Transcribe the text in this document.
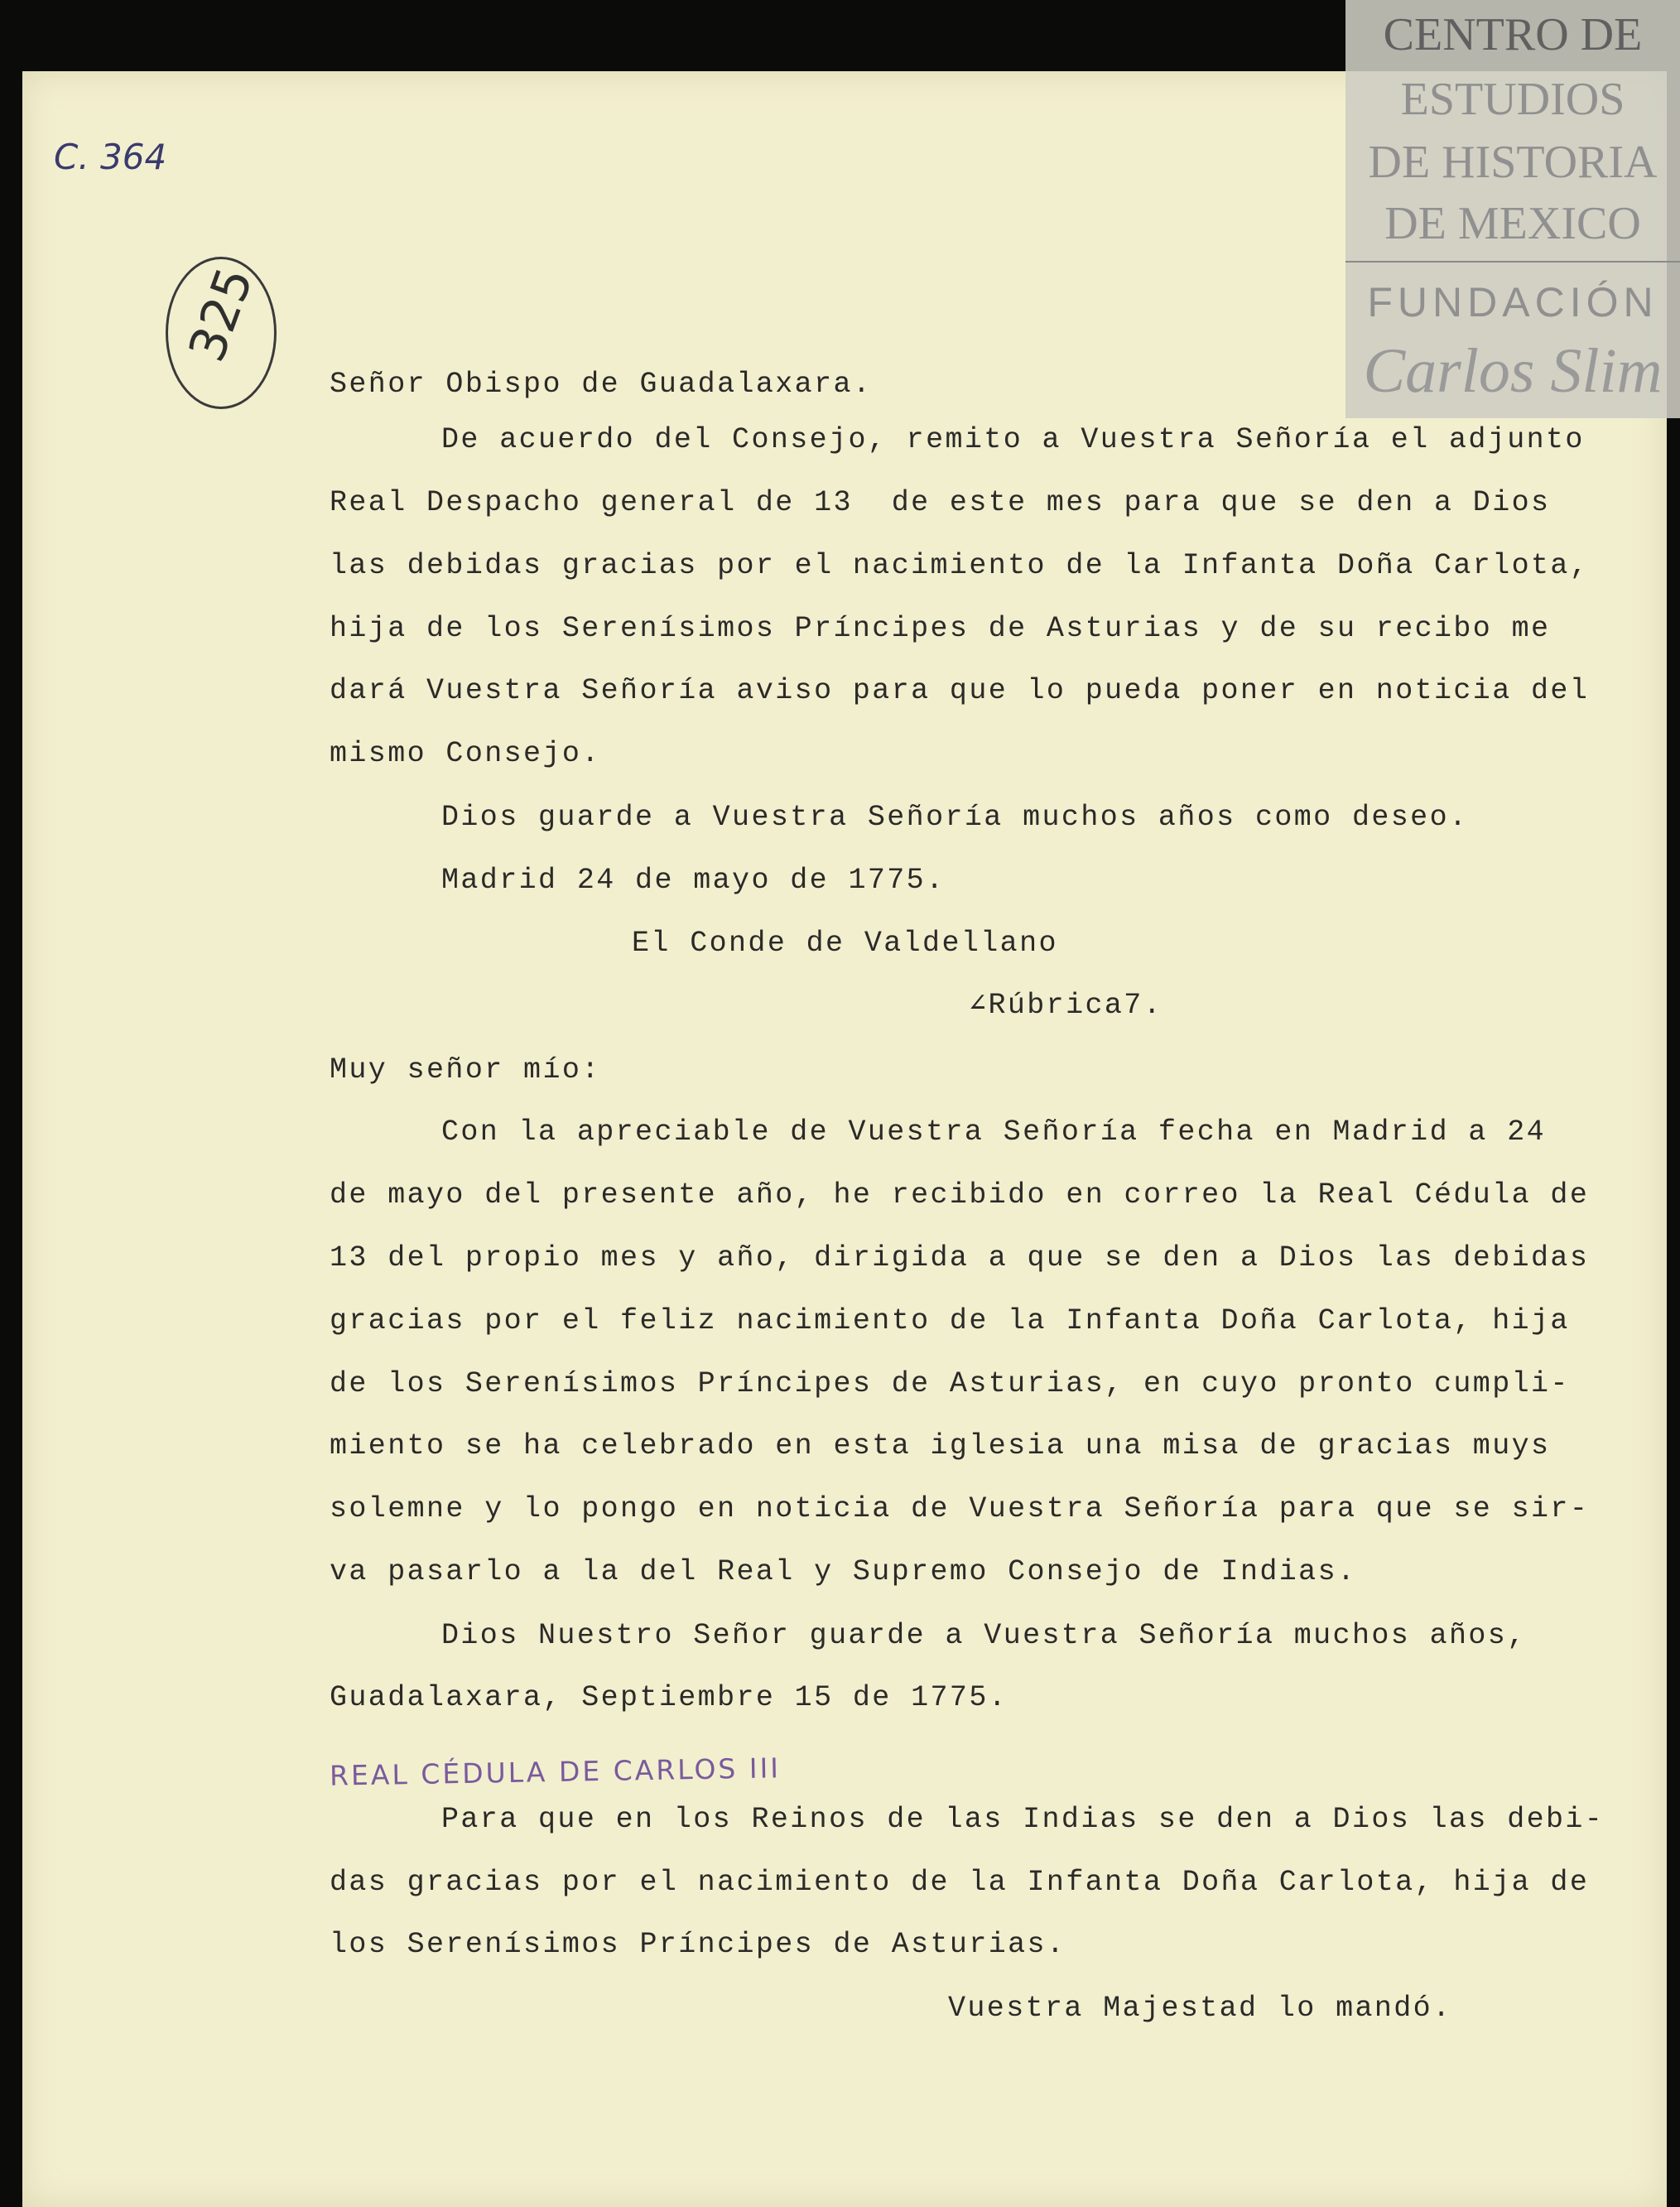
CENTRO DE
ESTUDIOS
DE HISTORIA
DE MEXICO
FUNDACIÓN
Carlos Slim
C. 364
325
Señor Obispo de Guadalaxara.
De acuerdo del Consejo, remito a Vuestra Señoría el adjunto
Real Despacho general de 13  de este mes para que se den a Dios
las debidas gracias por el nacimiento de la Infanta Doña Carlota,
hija de los Serenísimos Príncipes de Asturias y de su recibo me
dará Vuestra Señoría aviso para que lo pueda poner en noticia del
mismo Consejo.
Dios guarde a Vuestra Señoría muchos años como deseo.
Madrid 24 de mayo de 1775.
El Conde de Valdellano
∠Rúbrica7.
Muy señor mío:
Con la apreciable de Vuestra Señoría fecha en Madrid a 24
de mayo del presente año, he recibido en correo la Real Cédula de
13 del propio mes y año, dirigida a que se den a Dios las debidas
gracias por el feliz nacimiento de la Infanta Doña Carlota, hija
de los Serenísimos Príncipes de Asturias, en cuyo pronto cumpli-
miento se ha celebrado en esta iglesia una misa de gracias muys
solemne y lo pongo en noticia de Vuestra Señoría para que se sir-
va pasarlo a la del Real y Supremo Consejo de Indias.
Dios Nuestro Señor guarde a Vuestra Señoría muchos años,
Guadalaxara, Septiembre 15 de 1775.
REAL CÉDULA DE CARLOS III
Para que en los Reinos de las Indias se den a Dios las debi-
das gracias por el nacimiento de la Infanta Doña Carlota, hija de
los Serenísimos Príncipes de Asturias.
Vuestra Majestad lo mandó.
